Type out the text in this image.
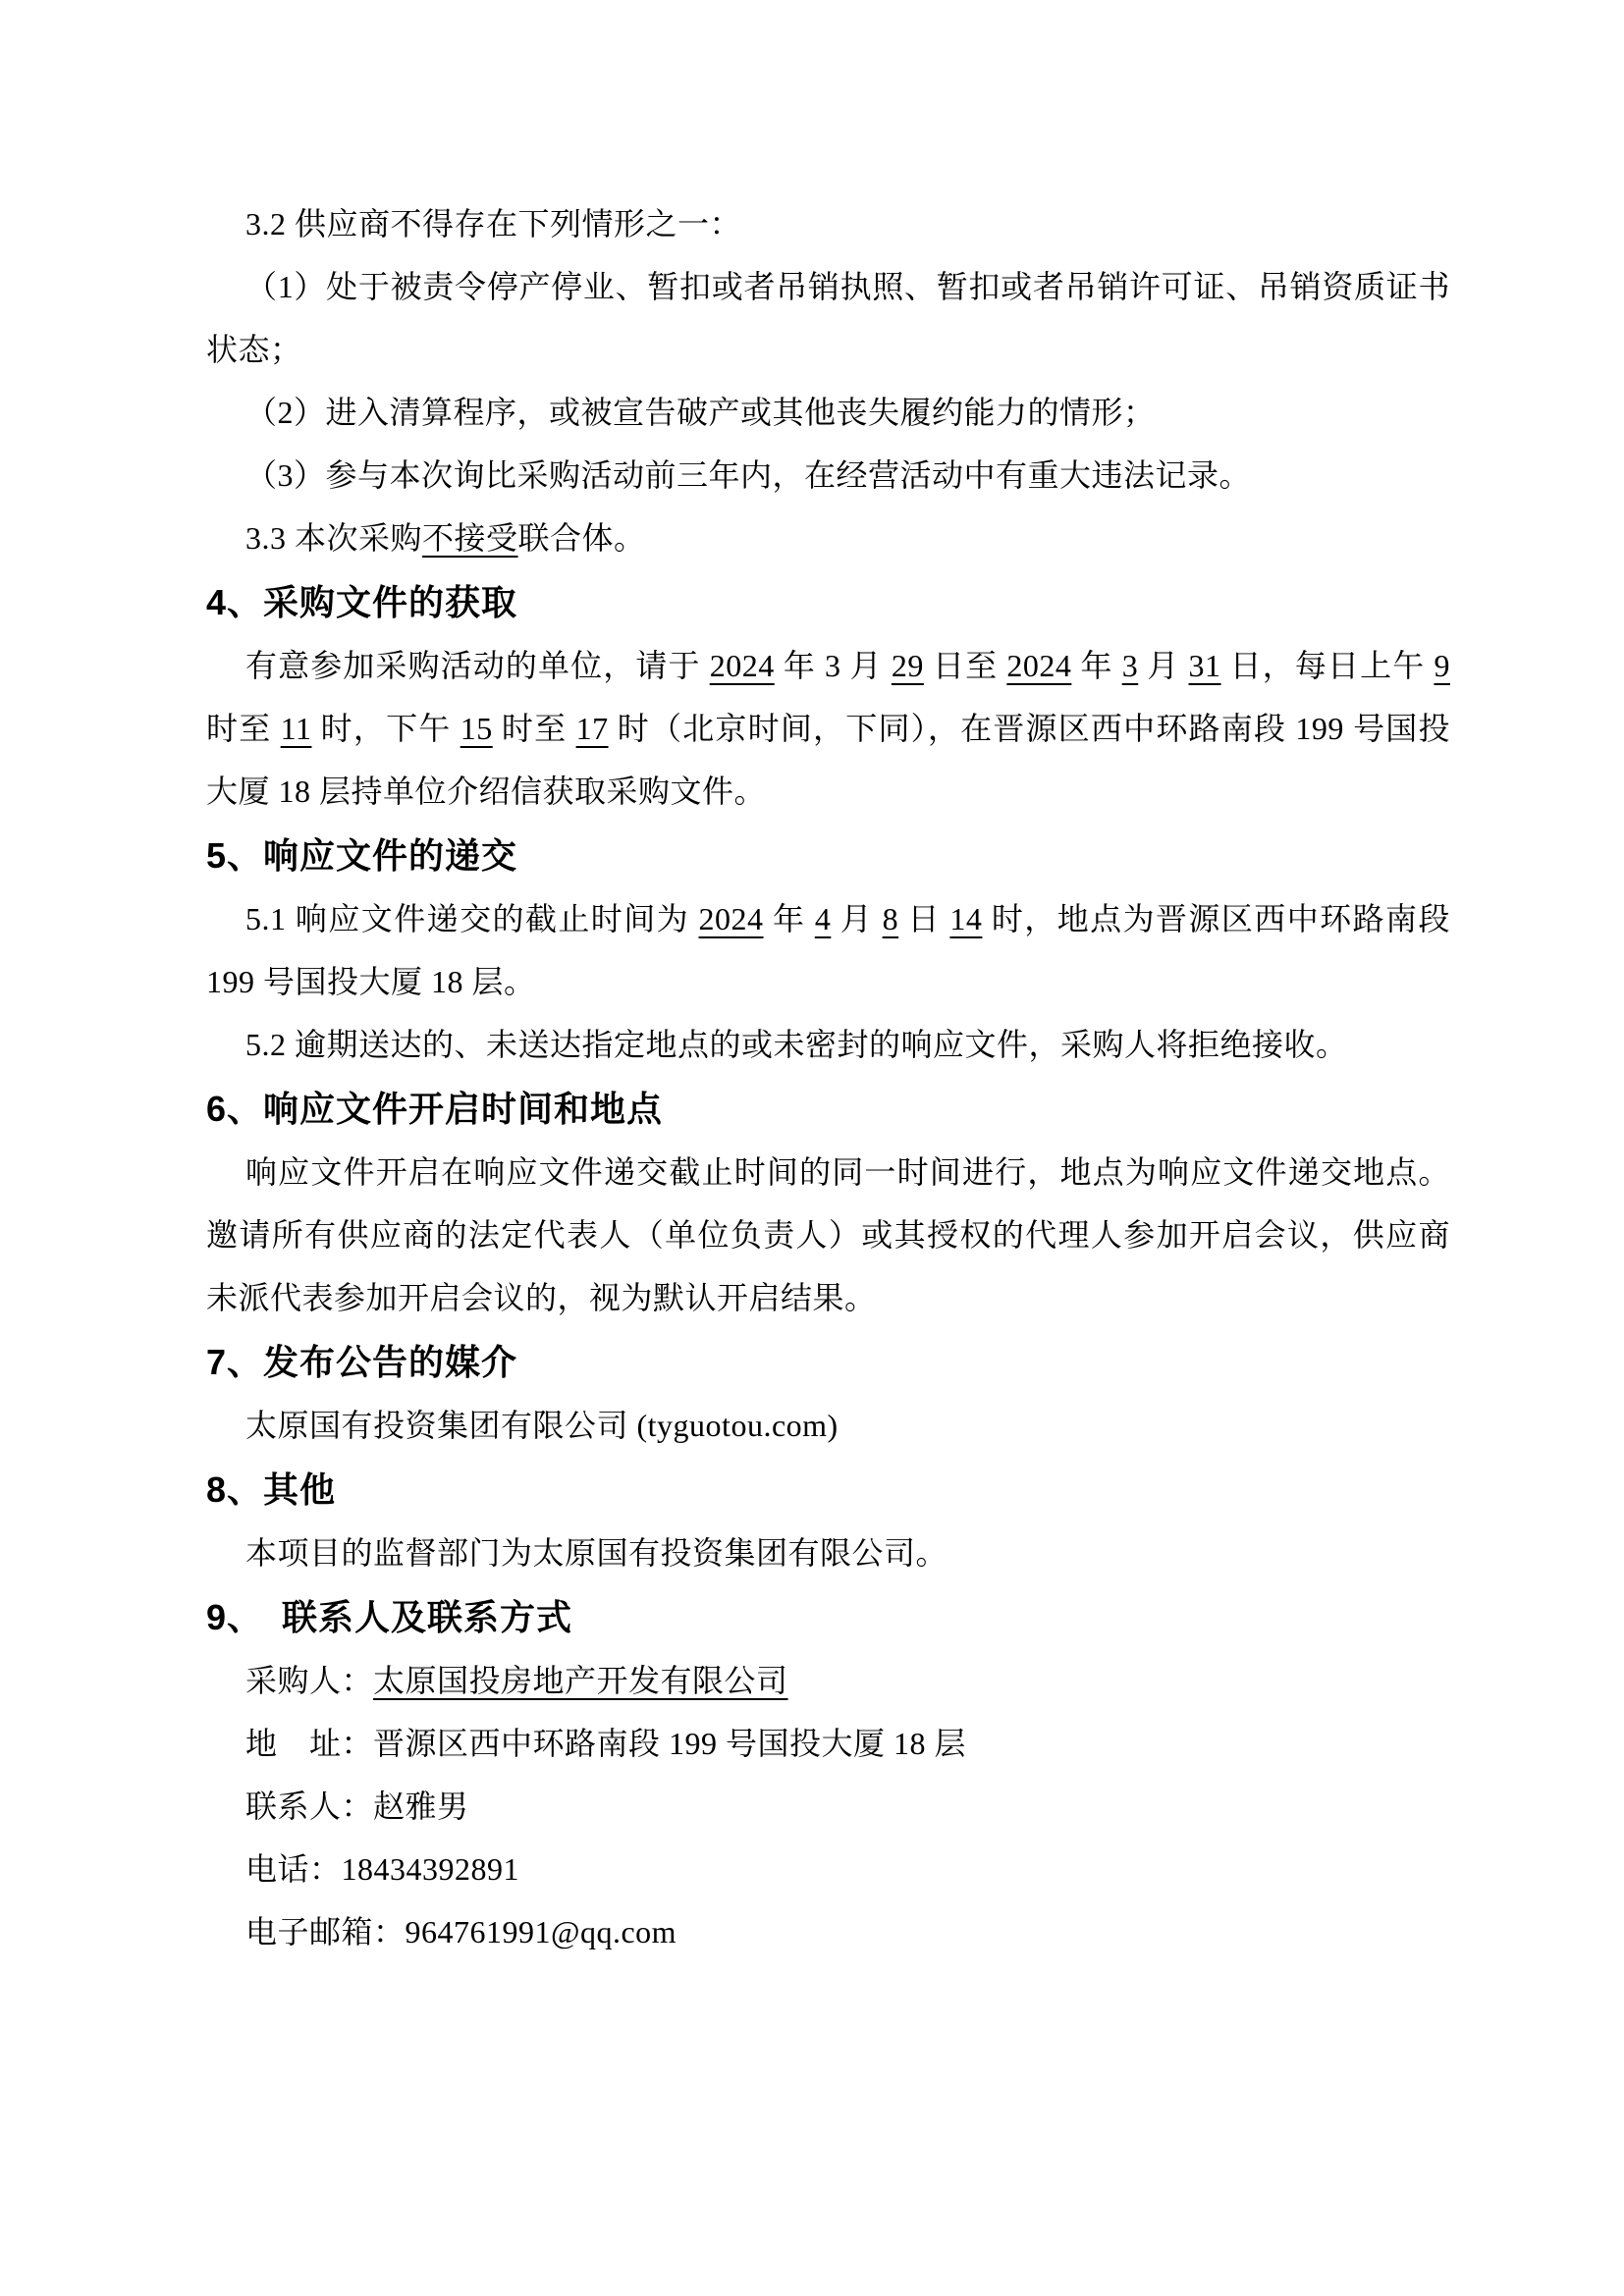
3.2 供应商不得存在下列情形之一：

（1）处于被责令停产停业、暂扣或者吊销执照、暂扣或者吊销许可证、吊销资质证书状态；

（2）进入清算程序，或被宣告破产或其他丧失履约能力的情形；

（3）参与本次询比采购活动前三年内，在经营活动中有重大违法记录。

3.3 本次采购不接受联合体。

4、采购文件的获取

有意参加采购活动的单位，请于 2024 年 3 月 29 日至 2024 年 3 月 31 日，每日上午 9 时至 11 时，下午 15 时至 17 时（北京时间，下同），在晋源区西中环路南段 199 号国投大厦 18 层持单位介绍信获取采购文件。

5、响应文件的递交

5.1 响应文件递交的截止时间为 2024 年 4 月 8 日 14 时，地点为晋源区西中环路南段 199 号国投大厦 18 层。

5.2 逾期送达的、未送达指定地点的或未密封的响应文件，采购人将拒绝接收。

6、响应文件开启时间和地点

响应文件开启在响应文件递交截止时间的同一时间进行，地点为响应文件递交地点。邀请所有供应商的法定代表人（单位负责人）或其授权的代理人参加开启会议，供应商未派代表参加开启会议的，视为默认开启结果。

7、发布公告的媒介

太原国有投资集团有限公司 (tyguotou.com)

8、其他

本项目的监督部门为太原国有投资集团有限公司。

9、　联系人及联系方式

采购人：太原国投房地产开发有限公司

地　址：晋源区西中环路南段 199 号国投大厦 18 层

联系人：赵雅男

电话：18434392891

电子邮箱：964761991@qq.com
